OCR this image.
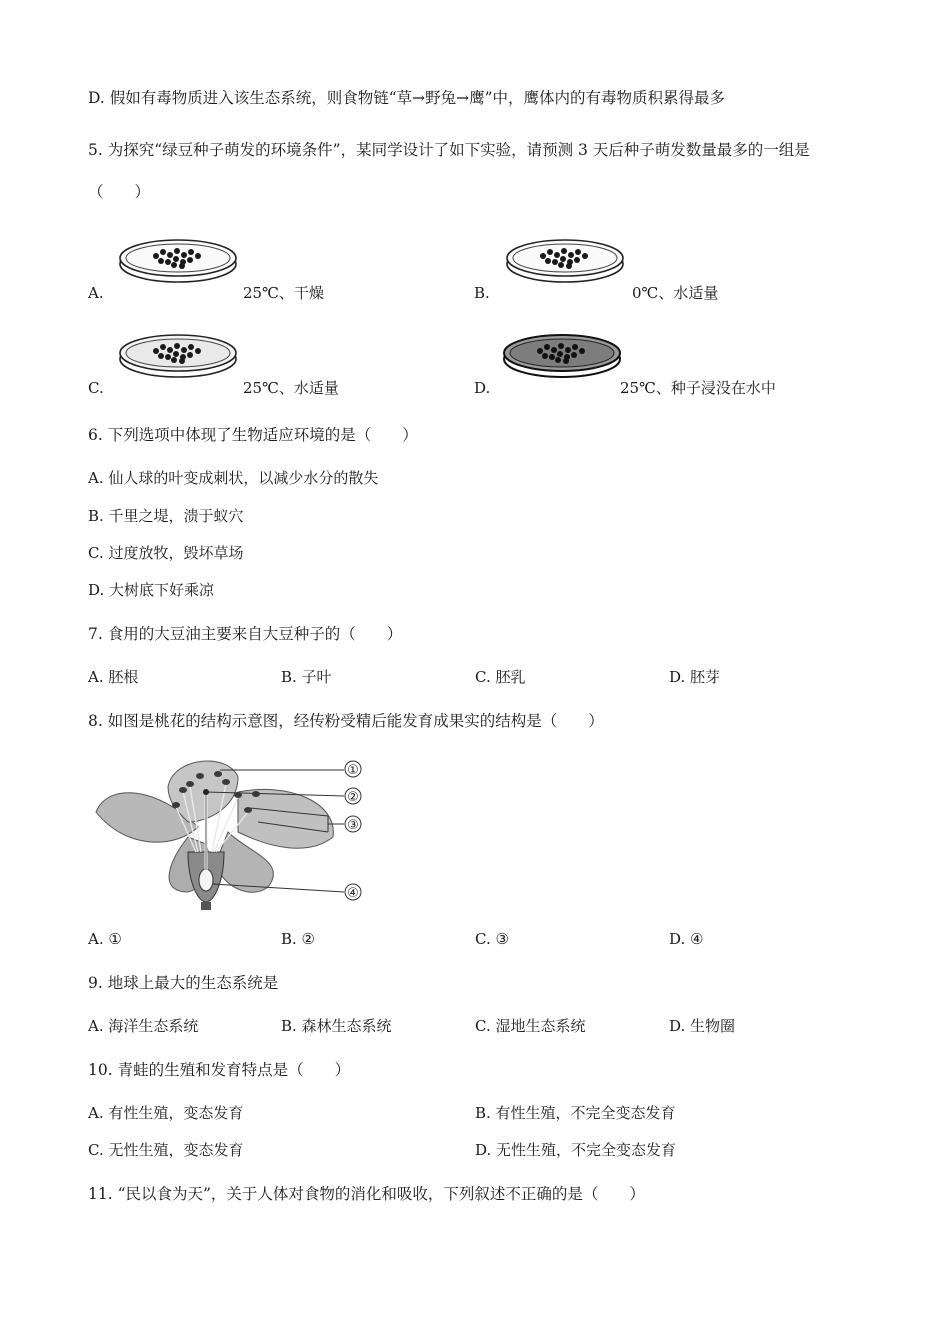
D. 假如有毒物质进入该生态系统，则食物链“草→野兔→鹰”中，鹰体内的有毒物质积累得最多
5. 为探究“绿豆种子萌发的环境条件”，某同学设计了如下实验，请预测 3 天后种子萌发数量最多的一组是
（　　）
A.	25℃、干燥	B.	0℃、水适量
C.	25℃、水适量	D.	25℃、种子浸没在水中
6. 下列选项中体现了生物适应环境的是（　　）
A. 仙人球的叶变成刺状，以减少水分的散失
B. 千里之堤，溃于蚁穴
C. 过度放牧，毁坏草场
D. 大树底下好乘凉
7. 食用的大豆油主要来自大豆种子的（　　）
A. 胚根	B. 子叶	C. 胚乳	D. 胚芽
8. 如图是桃花的结构示意图，经传粉受精后能发育成果实的结构是（　　）
①
②
③
④
A. ①	B. ②	C. ③	D. ④
9. 地球上最大的生态系统是
A. 海洋生态系统	B. 森林生态系统	C. 湿地生态系统	D. 生物圈
10. 青蛙的生殖和发育特点是（　　）
A. 有性生殖，变态发育	B. 有性生殖，不完全变态发育
C. 无性生殖，变态发育	D. 无性生殖，不完全变态发育
11. “民以食为天”，关于人体对食物的消化和吸收，下列叙述不正确的是（　　）
